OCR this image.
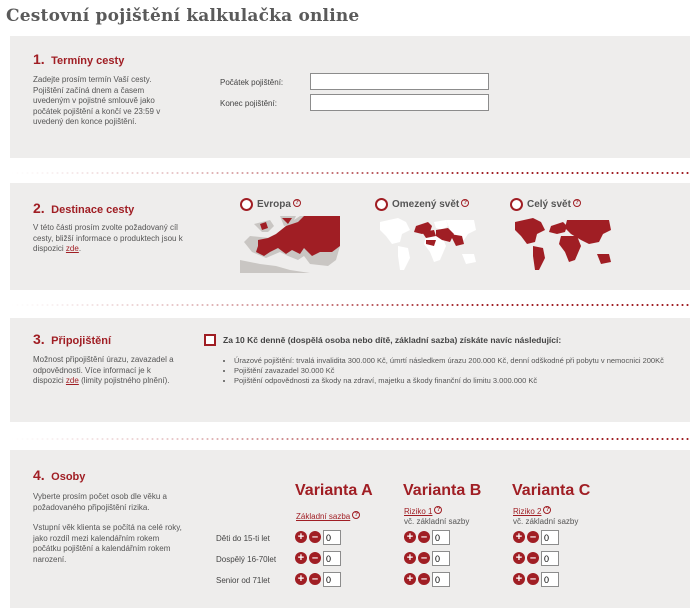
Cestovní pojištění kalkulačka online
1. Termíny cesty
Zadejte prosím termín Vaší cesty. Pojištění začíná dnem a časem uvedeným v pojistné smlouvě jako počátek pojištění a končí ve 23:59 v uvedený den konce pojištění.
Počátek pojištění:
Konec pojištění:
2. Destinace cesty
V této části prosím zvolte požadovaný cíl cesty, bližší informace o produktech jsou k dispozici zde.
Evropa ?	Omezený svět ?	Celý svět ?
3. Připojištění
Možnost připojištění úrazu, zavazadel a odpovědnosti. Více informací je k dispozici zde (limity pojistného plnění).
Za 10 Kč denně (dospělá osoba nebo dítě, základní sazba) získáte navíc následující:
• Úrazové pojištění: trvalá invalidita 300.000 Kč, úmrtí následkem úrazu 200.000 Kč, denní odškodné při pobytu v nemocnici 200Kč
• Pojištění zavazadel 30.000 Kč
• Pojištění odpovědnosti za škody na zdraví, majetku a škody finanční do limitu 3.000.000 Kč
4. Osoby
Vyberte prosím počet osob dle věku a požadovaného připojištění rizika.
Vstupní věk klienta se počítá na celé roky, jako rozdíl mezi kalendářním rokem počátku pojištění a kalendářním rokem narození.
Děti do 15-ti let
Dospělý 16-70let
Senior od 71let
Varianta A
Základní sazba ?
+ –
0
+ –
0
+ –
0
Varianta B
Riziko 1 ?
vč. základní sazby
+ –
0
+ –
0
+ –
0
Varianta C
Riziko 2 ?
vč. základní sazby
+ –
0
+ –
0
+ –
0
